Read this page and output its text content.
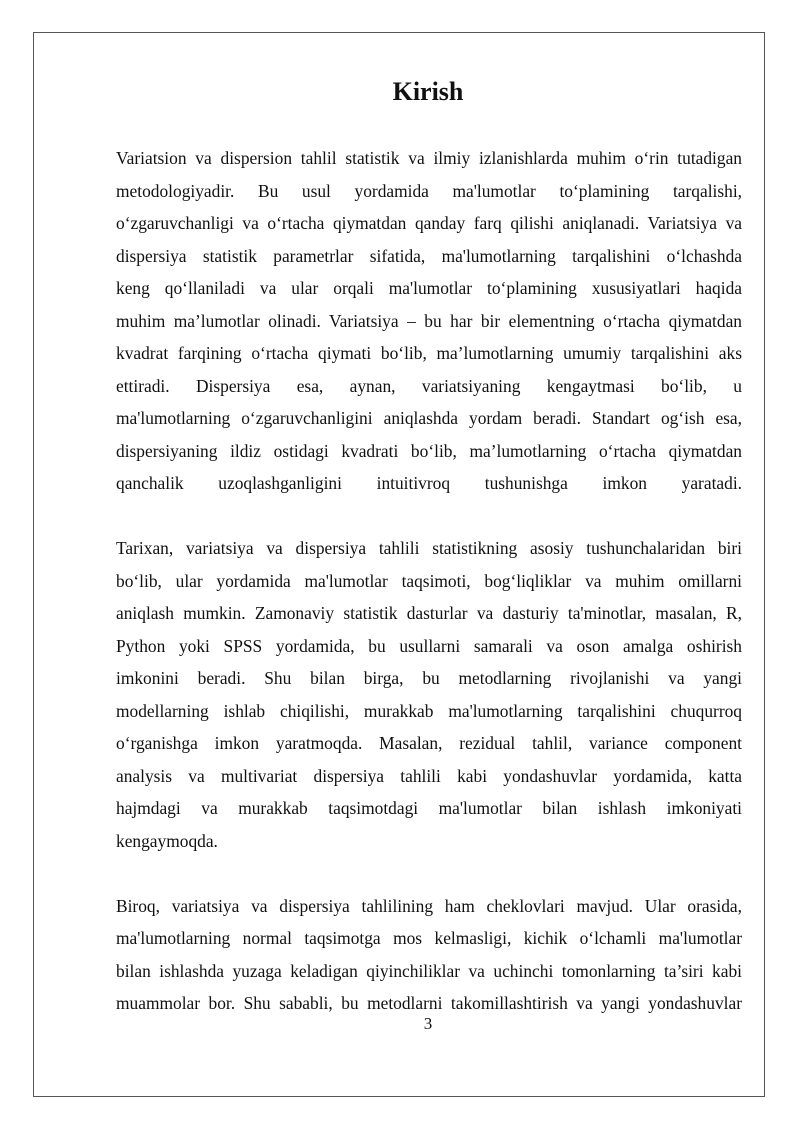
Kirish
Variatsion va dispersion tahlil statistik va ilmiy izlanishlarda muhim o‘rin tutadigan
metodologiyadir. Bu usul yordamida ma'lumotlar to‘plamining tarqalishi,
o‘zgaruvchanligi va o‘rtacha qiymatdan qanday farq qilishi aniqlanadi. Variatsiya va
dispersiya statistik parametrlar sifatida, ma'lumotlarning tarqalishini o‘lchashda
keng qo‘llaniladi va ular orqali ma'lumotlar to‘plamining xususiyatlari haqida
muhim ma’lumotlar olinadi. Variatsiya – bu har bir elementning o‘rtacha qiymatdan
kvadrat farqining o‘rtacha qiymati bo‘lib, ma’lumotlarning umumiy tarqalishini aks
ettiradi. Dispersiya esa, aynan, variatsiyaning kengaytmasi bo‘lib, u
ma'lumotlarning o‘zgaruvchanligini aniqlashda yordam beradi. Standart og‘ish esa,
dispersiyaning ildiz ostidagi kvadrati bo‘lib, ma’lumotlarning o‘rtacha qiymatdan
qanchalik uzoqlashganligini intuitivroq tushunishga imkon yaratadi.
Tarixan, variatsiya va dispersiya tahlili statistikning asosiy tushunchalaridan biri
bo‘lib, ular yordamida ma'lumotlar taqsimoti, bog‘liqliklar va muhim omillarni
aniqlash mumkin. Zamonaviy statistik dasturlar va dasturiy ta'minotlar, masalan, R,
Python yoki SPSS yordamida, bu usullarni samarali va oson amalga oshirish
imkonini beradi. Shu bilan birga, bu metodlarning rivojlanishi va yangi
modellarning ishlab chiqilishi, murakkab ma'lumotlarning tarqalishini chuqurroq
o‘rganishga imkon yaratmoqda. Masalan, rezidual tahlil, variance component
analysis va multivariat dispersiya tahlili kabi yondashuvlar yordamida, katta
hajmdagi va murakkab taqsimotdagi ma'lumotlar bilan ishlash imkoniyati
kengaymoqda.
Biroq, variatsiya va dispersiya tahlilining ham cheklovlari mavjud. Ular orasida,
ma'lumotlarning normal taqsimotga mos kelmasligi, kichik o‘lchamli ma'lumotlar
bilan ishlashda yuzaga keladigan qiyinchiliklar va uchinchi tomonlarning ta’siri kabi
muammolar bor. Shu sababli, bu metodlarni takomillashtirish va yangi yondashuvlar
3
